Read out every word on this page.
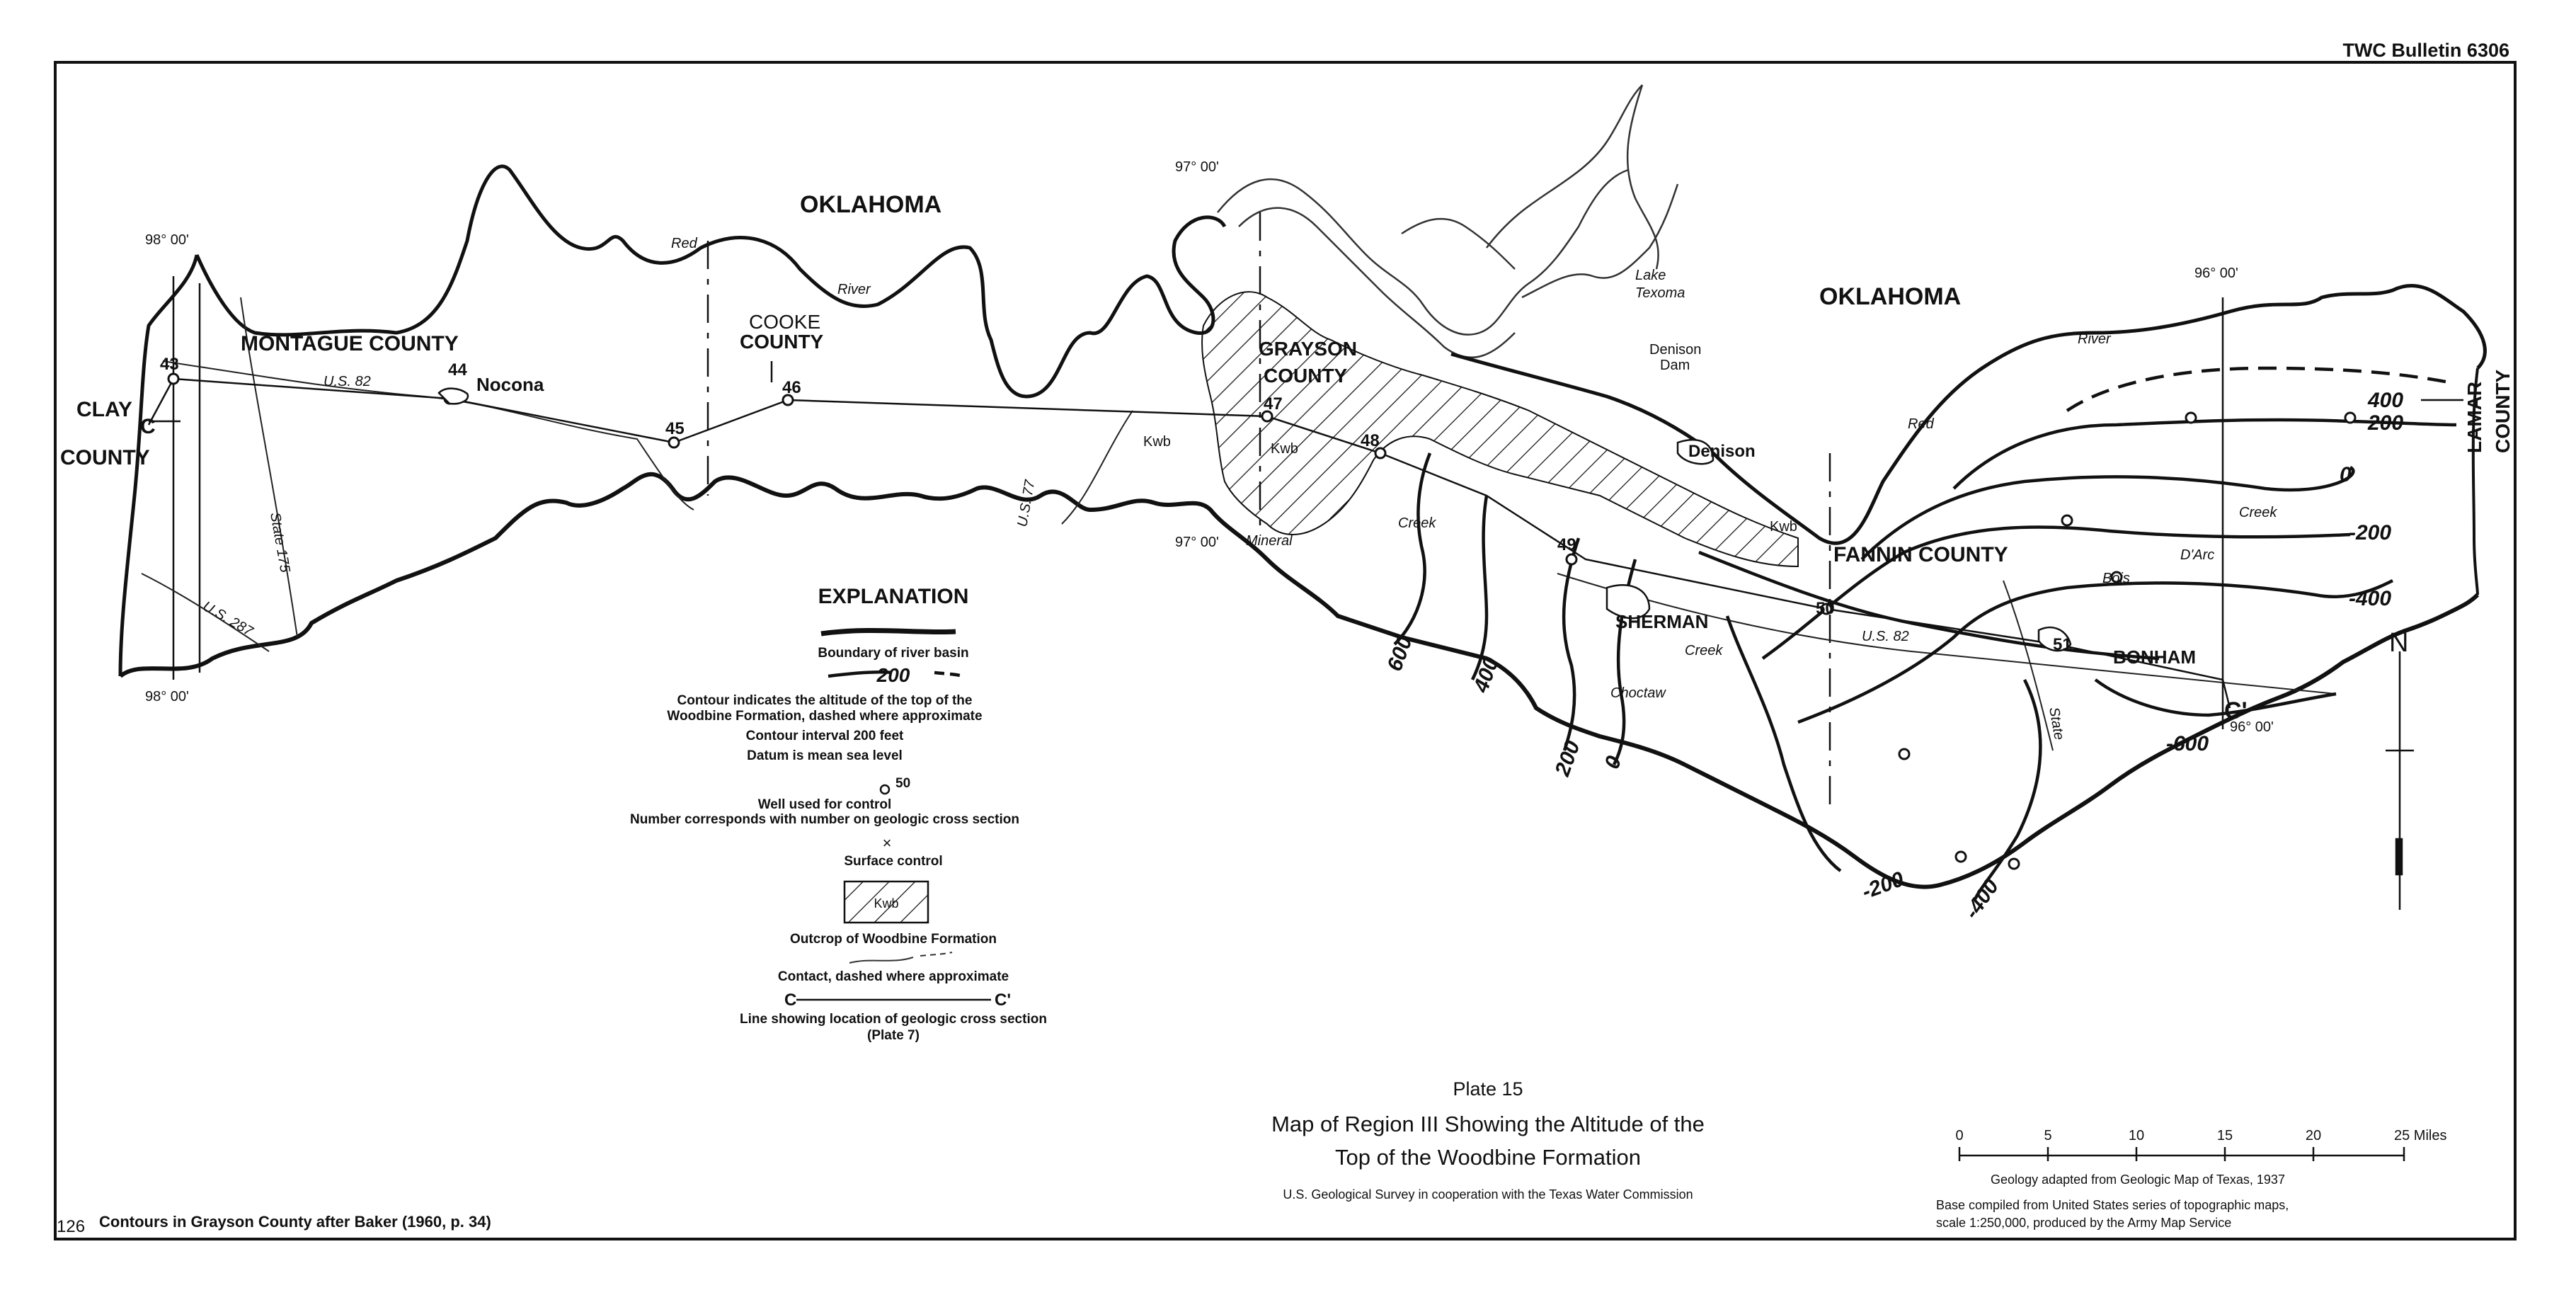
TWC Bulletin 6306
126 Contours in Grayson County after Baker (1960, p. 34)
OKLAHOMA
OKLAHOMA
MONTAGUE COUNTY
CLAY
COUNTY
COOKE
COUNTY	GRAYSON
COUNTY
FANNIN COUNTY
LAMAR COUNTY
Nocona
Denison
SHERMAN
BONHAM
Red
River
Red
River
Lake
Texoma
Denison
Dam
Mineral
Creek
Choctaw
Creek
Bois
D'Arc
Creek
U.S. 82
State 175
U.S. 287
U.S. 77
U.S. 82
State
98° 00'
98° 00'
97° 00'
97° 00'
96° 00'
96° 00'
43	44
45
46
47
48
49
50
51
Kwb	Kwb
Kwb
C
C'
400
200
0
-200
-400
600
400
200 0
-600
-200 -400
N
EXPLANATION
Boundary of river basin
200
Contour indicates the altitude of the top of the
Woodbine Formation, dashed where approximate
Contour interval 200 feet
Datum is mean sea level
50
Well used for control
Number corresponds with number on geologic cross section
×
Surface control
Kwb
Outcrop of Woodbine Formation
Contact, dashed where approximate
C	C'
Line showing location of geologic cross section
(Plate 7)
Plate 15
Map of Region III Showing the Altitude of the
Top of the Woodbine Formation
U.S. Geological Survey in cooperation with the Texas Water Commission
0	5	10	15	20	25 Miles
Geology adapted from Geologic Map of Texas, 1937
Base compiled from United States series of topographic maps,
scale 1:250,000, produced by the Army Map Service
